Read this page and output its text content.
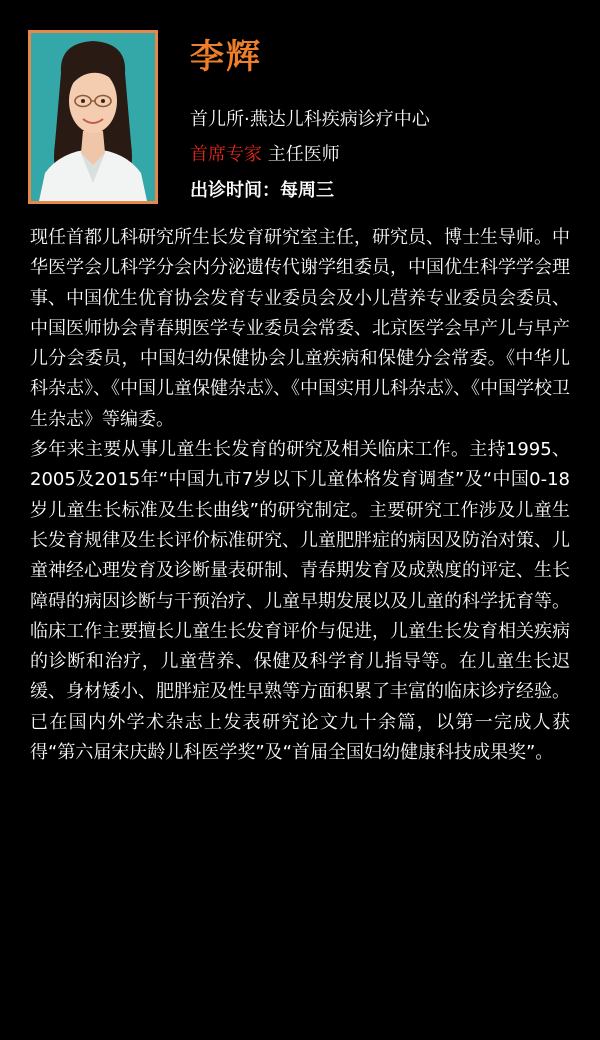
李辉
首儿所·燕达儿科疾病诊疗中心
首席专家 主任医师
出诊时间：每周三

现任首都儿科研究所生长发育研究室主任，研究员、博士生导师。中华医学会儿科学分会内分泌遗传代谢学组委员，中国优生科学学会理事、中国优生优育协会发育专业委员会及小儿营养专业委员会委员、中国医师协会青春期医学专业委员会常委、北京医学会早产儿与早产儿分会委员，中国妇幼保健协会儿童疾病和保健分会常委。《中华儿科杂志》、《中国儿童保健杂志》、《中国实用儿科杂志》、《中国学校卫生杂志》等编委。

多年来主要从事儿童生长发育的研究及相关临床工作。主持1995、2005及2015年“中国九市7岁以下儿童体格发育调查”及“中国0-18岁儿童生长标准及生长曲线”的研究制定。主要研究工作涉及儿童生长发育规律及生长评价标准研究、儿童肥胖症的病因及防治对策、儿童神经心理发育及诊断量表研制、青春期发育及成熟度的评定、生长障碍的病因诊断与干预治疗、儿童早期发展以及儿童的科学抚育等。临床工作主要擅长儿童生长发育评价与促进，儿童生长发育相关疾病的诊断和治疗，儿童营养、保健及科学育儿指导等。在儿童生长迟缓、身材矮小、肥胖症及性早熟等方面积累了丰富的临床诊疗经验。已在国内外学术杂志上发表研究论文九十余篇，以第一完成人获得“第六届宋庆龄儿科医学奖”及“首届全国妇幼健康科技成果奖”。
